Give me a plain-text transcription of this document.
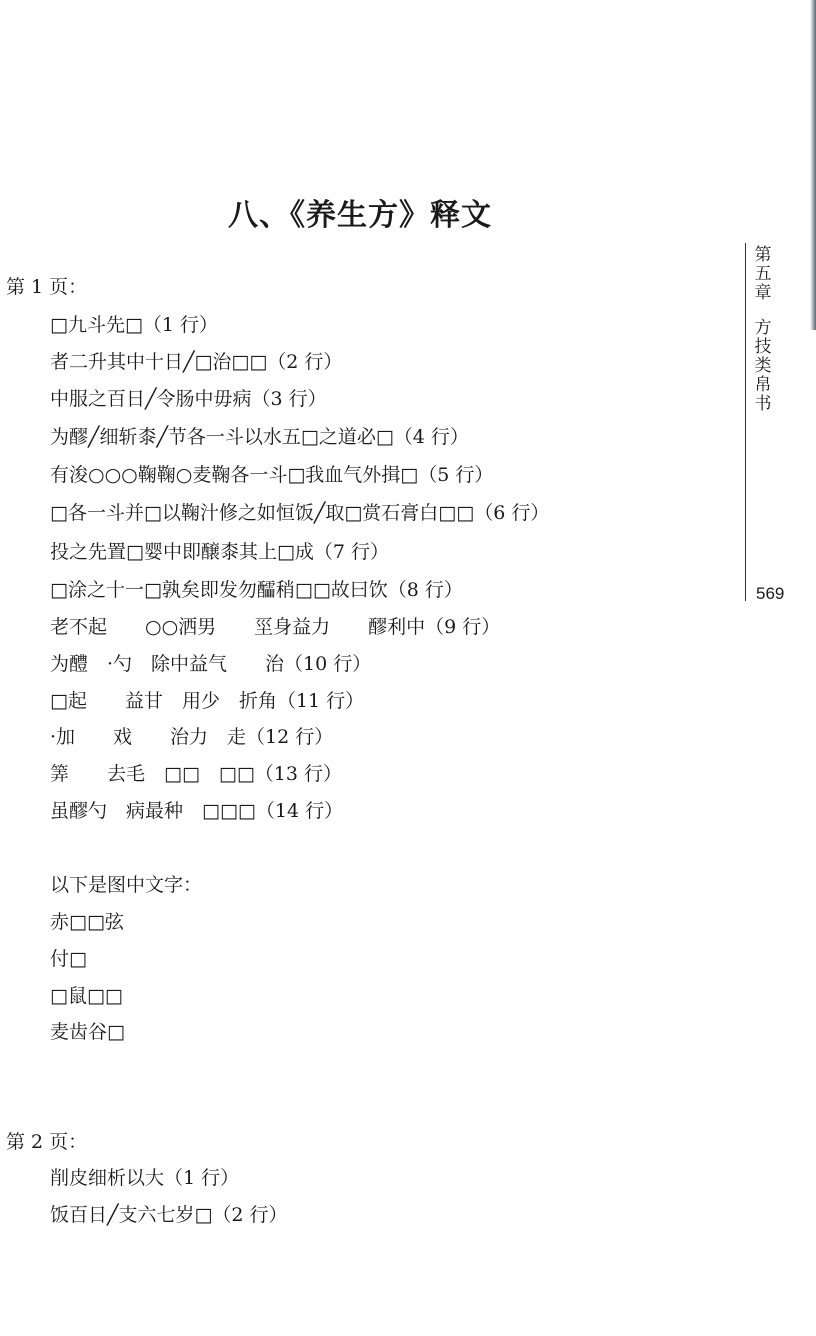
八、《养生方》释文
第
五
章
方
技
类
帛
书
569
第 1 页：
□九斗先□（1 行）
者二升其中十日╱□治□□（2 行）
中服之百日╱令肠中毋病（3 行）
为醪╱细斩桼╱节各一斗以水五□之道必□（4 行）
有浚○○○鞠鞠○麦鞠各一斗□我血气外揖□（5 行）
□各一斗并□以鞠汁修之如恒饭╱取□赏石膏白□□（6 行）
投之先置□婴中即醸桼其上□成（7 行）
□涂之十一□孰矣即发勿醽稍□□故曰饮（8 行）
老不起　　○○洒男　　坙身益力　　醪利中（9 行）
为醴　·勺　除中益气　　治（10 行）
□起　　益甘　用少　折角（11 行）
·加　　戏　　治力　走（12 行）
筭　　去毛　□□　□□（13 行）
虽醪勺　病最种　□□□（14 行）
以下是图中文字：
赤□□弦
付□
□鼠□□
麦齿谷□
第 2 页：
削皮细析以大（1 行）
饭百日╱支六七岁□（2 行）
